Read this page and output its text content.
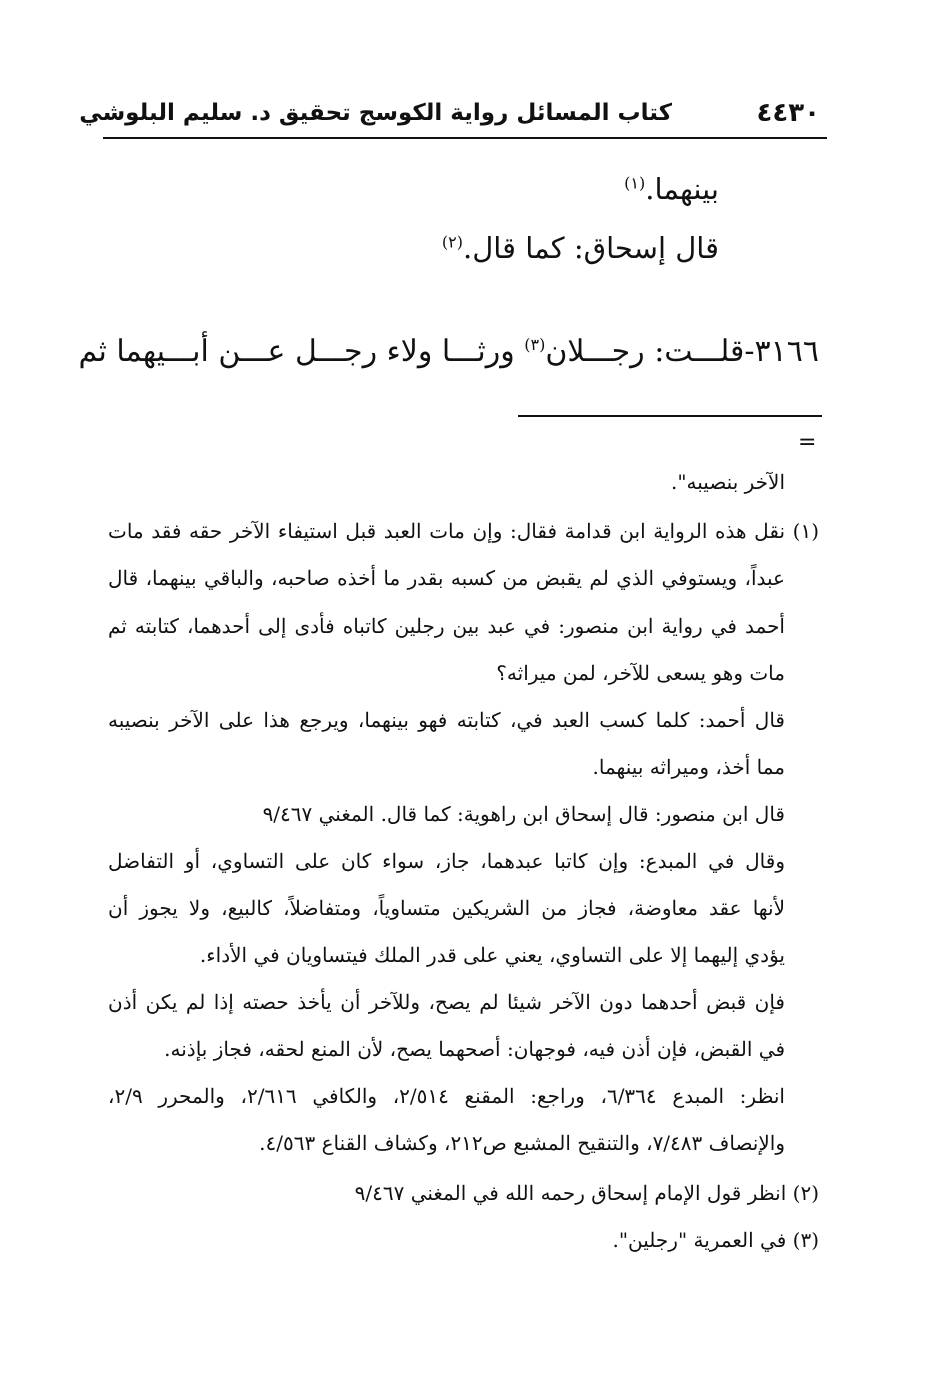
٤٤٣٠
كتاب المسائل رواية الكوسج تحقيق د. سليم البلوشي
بينهما.$^{(١)}$
قال إسحاق: كما قال.$^{(٢)}$
٣١٦٦-قلـــت: رجـــلان$^{(٣)}$ ورثـــا ولاء رجـــل عـــن أبـــيهما ثم
=
الآخر بنصيبه".
(١) نقل هذه الرواية ابن قدامة فقال: وإن مات العبد قبل استيفاء الآخر حقه فقد مات
عبداً، ويستوفي الذي لم يقبض من كسبه بقدر ما أخذه صاحبه، والباقي بينهما، قال
أحمد في رواية ابن منصور: في عبد بين رجلين كاتباه فأدى إلى أحدهما، كتابته ثم
مات وهو يسعى للآخر، لمن ميراثه؟
قال أحمد: كلما كسب العبد في، كتابته فهو بينهما، ويرجع هذا على الآخر بنصيبه
مما أخذ، وميراثه بينهما.
قال ابن منصور: قال إسحاق ابن راهوية: كما قال. المغني ٩/٤٦٧
وقال في المبدع: وإن كاتبا عبدهما، جاز، سواء كان على التساوي، أو التفاضل
لأنها عقد معاوضة، فجاز من الشريكين متساوياً، ومتفاضلاً، كالبيع، ولا يجوز أن
يؤدي إليهما إلا على التساوي، يعني على قدر الملك فيتساويان في الأداء.
فإن قبض أحدهما دون الآخر شيئا لم يصح، وللآخر أن يأخذ حصته إذا لم يكن أذن
في القبض، فإن أذن فيه، فوجهان: أصحهما يصح، لأن المنع لحقه، فجاز بإذنه.
انظر: المبدع ٦/٣٦٤، وراجع: المقنع ٢/٥١٤، والكافي ٢/٦١٦، والمحرر ٢/٩،
والإنصاف ٧/٤٨٣، والتنقيح المشبع ص٢١٢، وكشاف القناع ٤/٥٦٣.
(٢) انظر قول الإمام إسحاق رحمه الله في المغني ٩/٤٦٧
(٣) في العمرية "رجلين".
